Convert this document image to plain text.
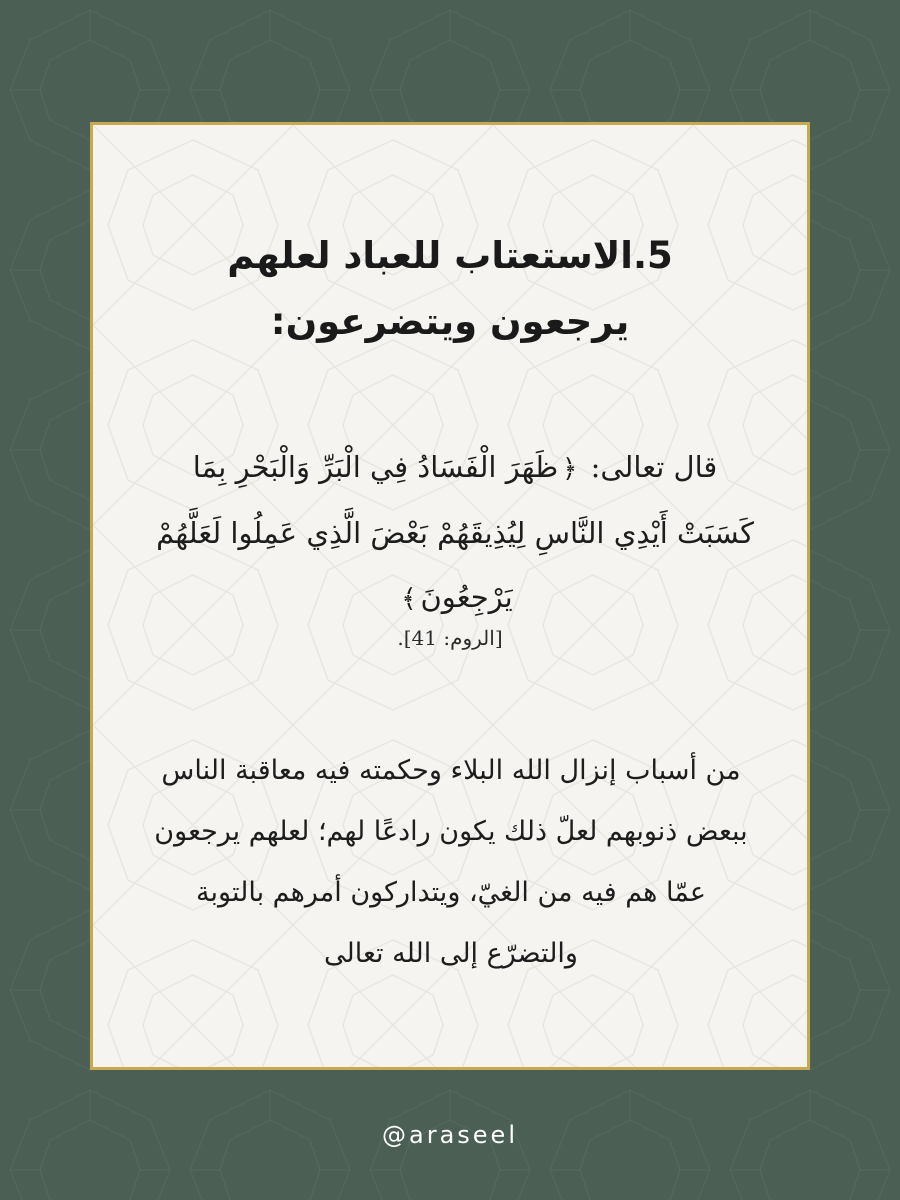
5.الاستعتاب للعباد لعلهم يرجعون ويتضرعون:
قال تعالى: ﴿ظَهَرَ الْفَسَادُ فِي الْبَرِّ وَالْبَحْرِ بِمَا كَسَبَتْ أَيْدِي النَّاسِ لِيُذِيقَهُمْ بَعْضَ الَّذِي عَمِلُوا لَعَلَّهُمْ يَرْجِعُونَ﴾
[الروم: 41].

من أسباب إنزال الله البلاء وحكمته فيه معاقبة الناس ببعض ذنوبهم لعلّ ذلك يكون رادعًا لهم؛ لعلهم يرجعون عمّا هم فيه من الغيّ، ويتداركون أمرهم بالتوبة والتضرّع إلى الله تعالى

@araseel
